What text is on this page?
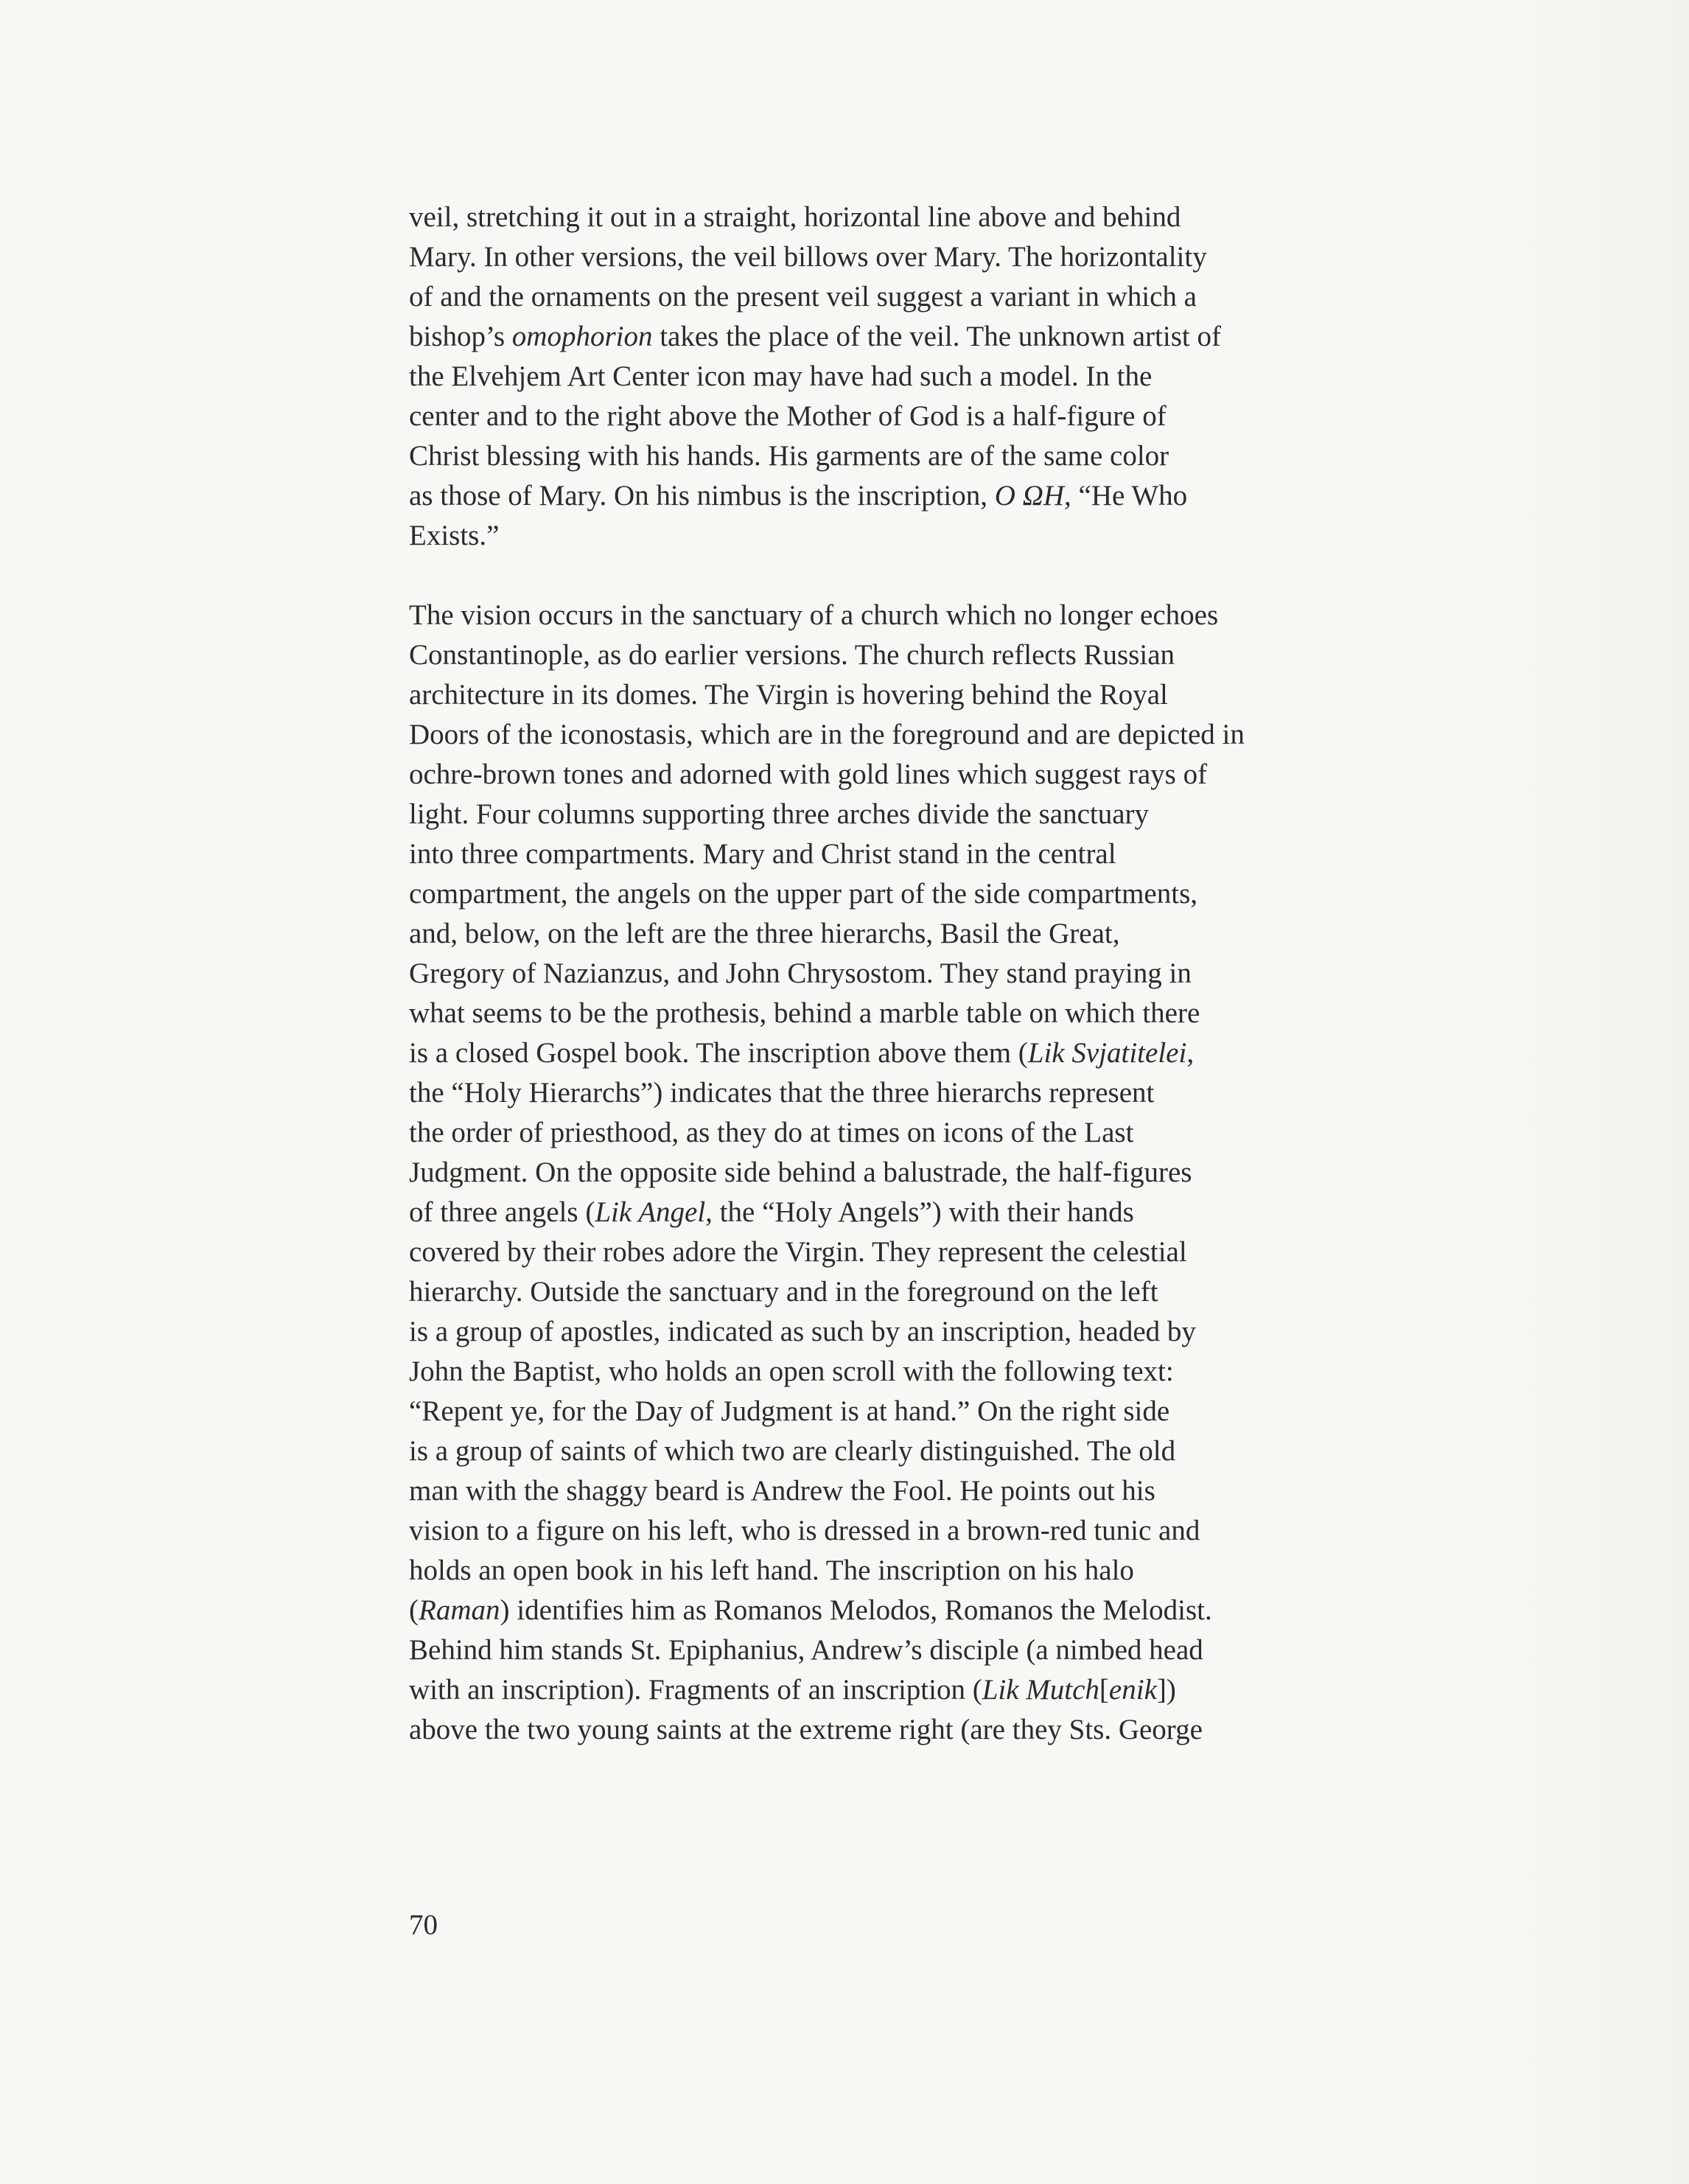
veil, stretching it out in a straight, horizontal line above and behind
Mary. In other versions, the veil billows over Mary. The horizontality
of and the ornaments on the present veil suggest a variant in which a
bishop’s omophorion takes the place of the veil. The unknown artist of
the Elvehjem Art Center icon may have had such a model. In the
center and to the right above the Mother of God is a half-figure of
Christ blessing with his hands. His garments are of the same color
as those of Mary. On his nimbus is the inscription, Ο ΩΗ, “He Who
Exists.”

The vision occurs in the sanctuary of a church which no longer echoes
Constantinople, as do earlier versions. The church reflects Russian
architecture in its domes. The Virgin is hovering behind the Royal
Doors of the iconostasis, which are in the foreground and are depicted in
ochre-brown tones and adorned with gold lines which suggest rays of
light. Four columns supporting three arches divide the sanctuary
into three compartments. Mary and Christ stand in the central
compartment, the angels on the upper part of the side compartments,
and, below, on the left are the three hierarchs, Basil the Great,
Gregory of Nazianzus, and John Chrysostom. They stand praying in
what seems to be the prothesis, behind a marble table on which there
is a closed Gospel book. The inscription above them (Lik Svjatitelei,
the “Holy Hierarchs”) indicates that the three hierarchs represent
the order of priesthood, as they do at times on icons of the Last
Judgment. On the opposite side behind a balustrade, the half-figures
of three angels (Lik Angel, the “Holy Angels”) with their hands
covered by their robes adore the Virgin. They represent the celestial
hierarchy. Outside the sanctuary and in the foreground on the left
is a group of apostles, indicated as such by an inscription, headed by
John the Baptist, who holds an open scroll with the following text:
“Repent ye, for the Day of Judgment is at hand.” On the right side
is a group of saints of which two are clearly distinguished. The old
man with the shaggy beard is Andrew the Fool. He points out his
vision to a figure on his left, who is dressed in a brown-red tunic and
holds an open book in his left hand. The inscription on his halo
(Raman) identifies him as Romanos Melodos, Romanos the Melodist.
Behind him stands St. Epiphanius, Andrew’s disciple (a nimbed head
with an inscription). Fragments of an inscription (Lik Mutch[enik])
above the two young saints at the extreme right (are they Sts. George

70
